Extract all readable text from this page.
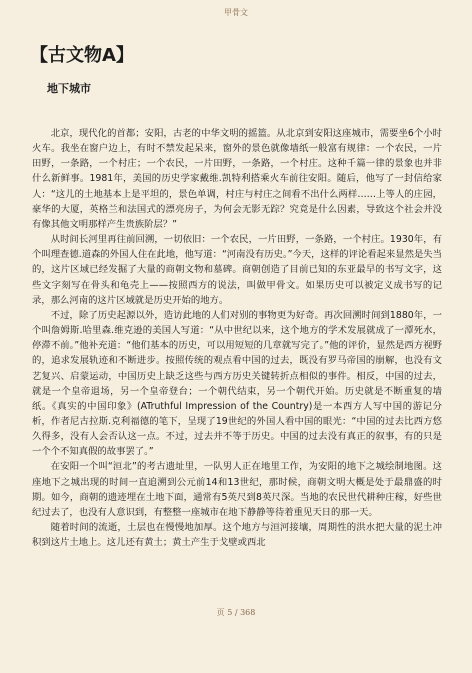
甲骨文
【古文物A】
地下城市

北京，现代化的首都；安阳，古老的中华文明的摇篮。从北京到安阳这座城市，需要坐6个小时火车。我坐在窗户边上，有时不禁发起呆来，窗外的景色就像墙纸一般富有规律：一个农民，一片田野，一条路，一个村庄；一个农民，一片田野，一条路，一个村庄。这种千篇一律的景象也并非什么新鲜事。1981年，美国的历史学家戴维.凯特利搭乘火车前往安阳。随后，他写了一封信给家人：“这儿的土地基本上是平坦的，景色单调，村庄与村庄之间看不出什么两样……上等人的庄园，豪华的大厦，英格兰和法国式的漂亮房子，为何会无影无踪？究竟是什么因素，导致这个社会并没有像其他文明那样产生贵族阶层？”

从时间长河里再往前回溯，一切依旧：一个农民，一片田野，一条路，一个村庄。1930年，有个叫理查德.道森的外国人住在此地，他写道：“河南没有历史。”今天，这样的评论看起来显然是失当的，这片区域已经发掘了大量的商朝文物和墓碑。商朝创造了目前已知的东亚最早的书写文字，这些文字刻写在骨头和龟壳上——按照西方的说法，叫做甲骨文。如果历史可以被定义成书写的记录，那么河南的这片区域就是历史开始的地方。

不过，除了历史起源以外，造访此地的人们对别的事物更为好奇。再次回溯时间到1880年，一个叫詹姆斯.哈里森.维克逊的美国人写道：“从中世纪以来，这个地方的学术发展就成了一潭死水，停滞不前。”他补充道：“他们基本的历史，可以用短短的几章就写完了。”他的评价，显然是西方视野的，追求发展轨迹和不断进步。按照传统的观点看中国的过去，既没有罗马帝国的崩解，也没有文艺复兴、启蒙运动，中国历史上缺乏这些与西方历史关键转折点相似的事件。相反，中国的过去，就是一个皇帝退场，另一个皇帝登台；一个朝代结束，另一个朝代开始。历史就是不断重复的墙纸。《真实的中国印象》(ATruthful Impression of the Country)是一本西方人写中国的游记分析，作者尼古拉斯.克利福德的笔下，呈现了19世纪的外国人看中国的眼光：“中国的过去比西方悠久得多，没有人会否认这一点。不过，过去并不等于历史。中国的过去没有真正的叙事，有的只是一个个不知真假的故事罢了。”

在安阳一个叫“洹北”的考古遗址里，一队男人正在地里工作，为安阳的地下之城绘制地图。这座地下之城出现的时间一直追溯到公元前14和13世纪，那时候，商朝文明大概是处于最鼎盛的时期。如今，商朝的遗迹埋在土地下面，通常有5英尺到8英尺深。当地的农民世代耕种庄稼，好些世纪过去了，也没有人意识到，有整整一座城市在地下静静等待着重见天日的那一天。

随着时间的流逝，土层也在慢慢地加厚。这个地方与洹河接壤，周期性的洪水把大量的泥土冲积到这片土地上。这儿还有黄土；黄土产生于戈壁或西北

页 5 / 368
